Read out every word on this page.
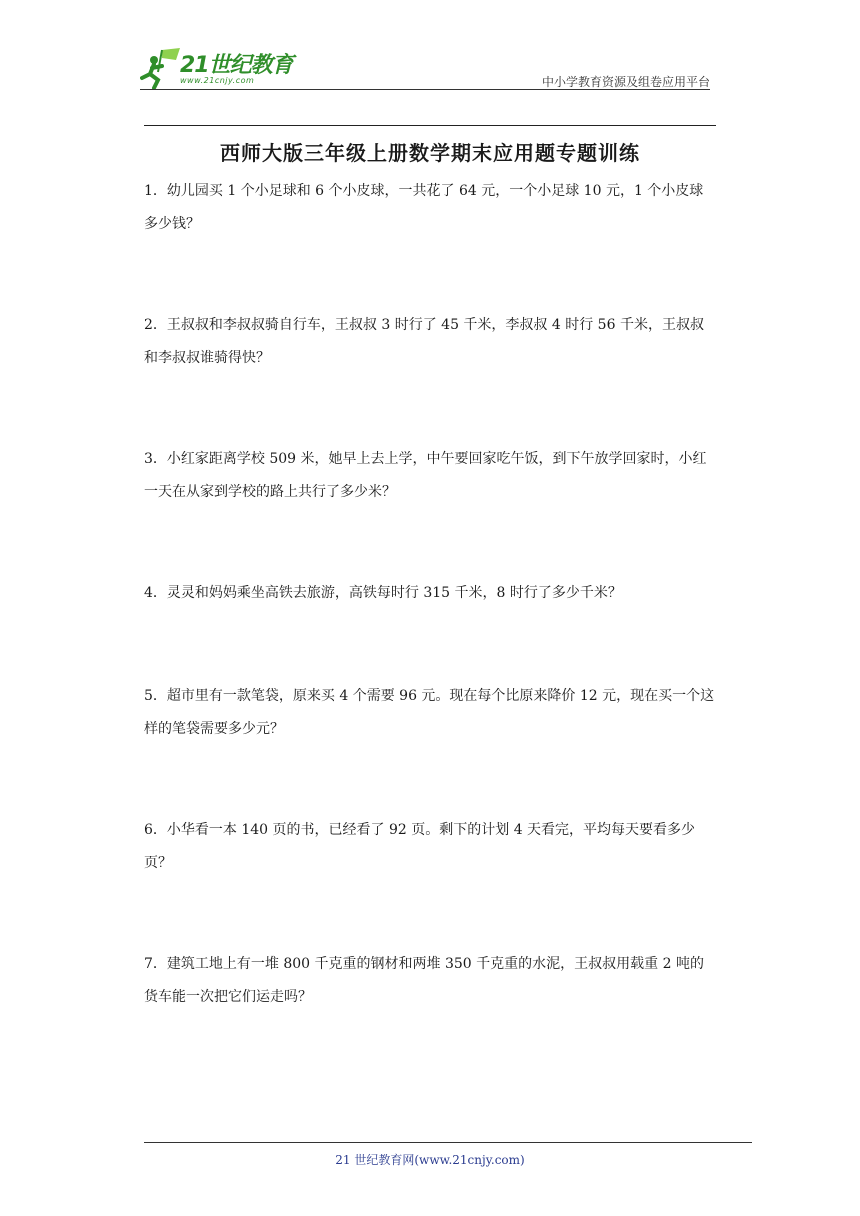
21世纪教育
www.21cnjy.com	中小学教育资源及组卷应用平台
西师大版三年级上册数学期末应用题专题训练
1．幼儿园买 1 个小足球和 6 个小皮球，一共花了 64 元，一个小足球 10 元，1 个小皮球多少钱？
2．王叔叔和李叔叔骑自行车，王叔叔 3 时行了 45 千米，李叔叔 4 时行 56 千米，王叔叔和李叔叔谁骑得快？
3．小红家距离学校 509 米，她早上去上学，中午要回家吃午饭，到下午放学回家时，小红一天在从家到学校的路上共行了多少米？
4．灵灵和妈妈乘坐高铁去旅游，高铁每时行 315 千米，8 时行了多少千米？
5．超市里有一款笔袋，原来买 4 个需要 96 元。现在每个比原来降价 12 元，现在买一个这样的笔袋需要多少元？
6．小华看一本 140 页的书，已经看了 92 页。剩下的计划 4 天看完，平均每天要看多少页？
7．建筑工地上有一堆 800 千克重的钢材和两堆 350 千克重的水泥，王叔叔用载重 2 吨的货车能一次把它们运走吗？
21 世纪教育网(www.21cnjy.com)
